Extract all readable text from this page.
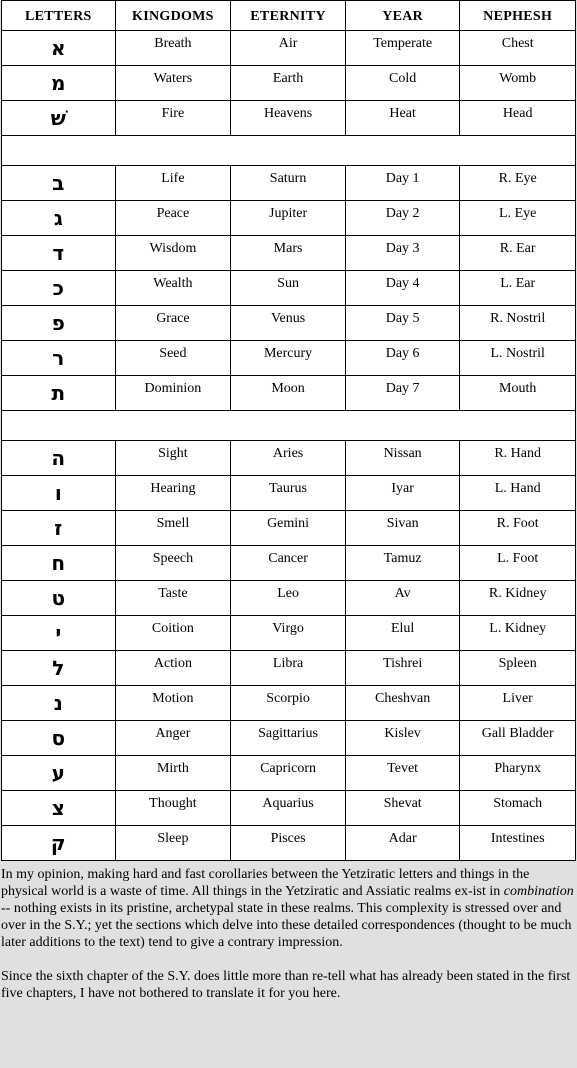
LETTERS	KINGDOMS	ETERNITY	YEAR	NEPHESH
א	Breath	Air	Temperate	Chest
מ	Waters	Earth	Cold	Womb
שׁ	Fire	Heavens	Heat	Head

ב	Life	Saturn	Day 1	R. Eye
ג	Peace	Jupiter	Day 2	L. Eye
ד	Wisdom	Mars	Day 3	R. Ear
כ	Wealth	Sun	Day 4	L. Ear
פ	Grace	Venus	Day 5	R. Nostril
ר	Seed	Mercury	Day 6	L. Nostril
ת	Dominion	Moon	Day 7	Mouth

ה	Sight	Aries	Nissan	R. Hand
ו	Hearing	Taurus	Iyar	L. Hand
ז	Smell	Gemini	Sivan	R. Foot
ח	Speech	Cancer	Tamuz	L. Foot
ט	Taste	Leo	Av	R. Kidney
י	Coition	Virgo	Elul	L. Kidney
ל	Action	Libra	Tishrei	Spleen
נ	Motion	Scorpio	Cheshvan	Liver
ס	Anger	Sagittarius	Kislev	Gall Bladder
ע	Mirth	Capricorn	Tevet	Pharynx
צ	Thought	Aquarius	Shevat	Stomach
ק	Sleep	Pisces	Adar	Intestines

In my opinion, making hard and fast corollaries between the Yetziratic letters and things in the physical world is a waste of time. All things in the Yetziratic and Assiatic realms ex-ist in combination -- nothing exists in its pristine, archetypal state in these realms. This complexity is stressed over and over in the S.Y.; yet the sections which delve into these detailed correspondences (thought to be much later additions to the text) tend to give a contrary impression.

Since the sixth chapter of the S.Y. does little more than re-tell what has already been stated in the first five chapters, I have not bothered to translate it for you here.
